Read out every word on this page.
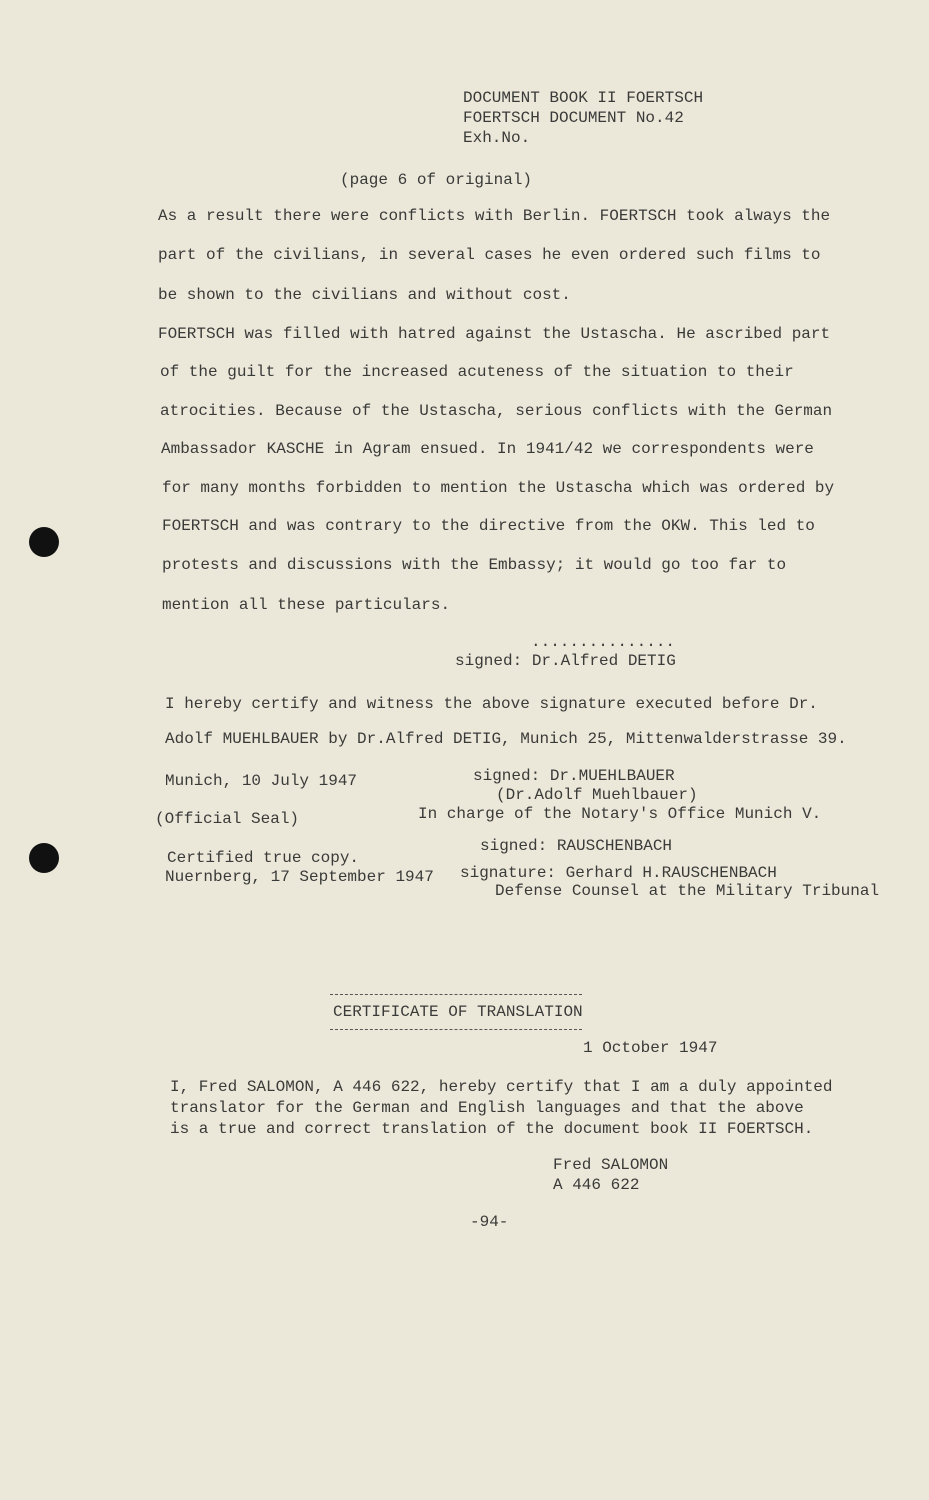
DOCUMENT BOOK II FOERTSCH
FOERTSCH DOCUMENT No.42
Exh.No.
(page 6 of original)
As a result there were conflicts with Berlin. FOERTSCH took always the
part of the civilians, in several cases he even ordered such films to
be shown to the civilians and without cost.
FOERTSCH was filled with hatred against the Ustascha. He ascribed part
of the guilt for the increased acuteness of the situation to their
atrocities. Because of the Ustascha, serious conflicts with the German
Ambassador KASCHE in Agram ensued. In 1941/42 we correspondents were
for many months forbidden to mention the Ustascha which was ordered by
FOERTSCH and was contrary to the directive from the OKW. This led to
protests and discussions with the Embassy; it would go too far to
mention all these particulars.
...............
signed: Dr.Alfred DETIG
I hereby certify and witness the above signature executed before Dr.
Adolf MUEHLBAUER by Dr.Alfred DETIG, Munich 25, Mittenwalderstrasse 39.
Munich, 10 July 1947	signed: Dr.MUEHLBAUER
(Dr.Adolf Muehlbauer)
(Official Seal)	In charge of the Notary's Office Munich V.
signed: RAUSCHENBACH
Certified true copy.
Nuernberg, 17 September 1947 signature: Gerhard H.RAUSCHENBACH
Defense Counsel at the Military Tribunal
CERTIFICATE OF TRANSLATION
1 October 1947
I, Fred SALOMON, A 446 622, hereby certify that I am a duly appointed
translator for the German and English languages and that the above
is a true and correct translation of the document book II FOERTSCH.
Fred SALOMON
A 446 622
-94-
